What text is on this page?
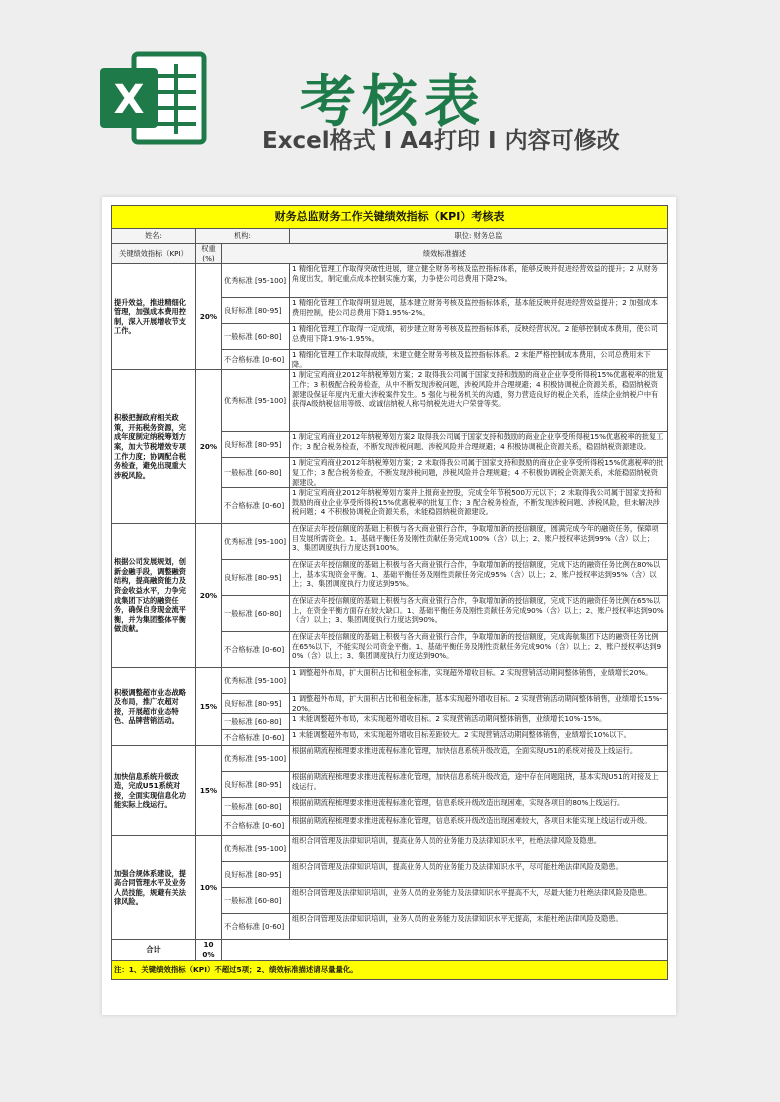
X	考核表
Excel格式 I A4打印 I 内容可修改
财务总监财务工作关键绩效指标（KPI）考核表			
姓名:	机构:		职位: 财务总监
关键绩效指标（KPI）	权重(%)	绩效标准描述	
提升效益，推进精细化管理，加强成本费用控制，深入开展增收节支工作。	20%	优秀标准 [95-100]	1 精细化管理工作取得突破性进展，建立健全财务考核及监控指标体系，能够反映并促进经营效益的提升；2 从财务角度出发，制定重点成本控制实施方案，力争使公司总费用下降2%。
		良好标准 [80-95]	1 精细化管理工作取得明显进展，基本建立财务考核及监控指标体系，基本能反映并促进经营效益提升；2 加强成本费用控制，使公司总费用下降1.95%-2%。
		一般标准 [60-80]	1 精细化管理工作取得一定成绩，初步建立财务考核及监控指标体系，反映经营状况。2 能够控制成本费用，使公司总费用下降1.9%-1.95%。
		不合格标准 [0-60]	1 精细化管理工作未取得成绩，未建立健全财务考核及监控指标体系。2 未能严格控制成本费用，公司总费用未下降。
积极把握政府相关政策，开拓税务资源，完成年度制定纳税筹划方案，加大节税增效专项工作力度；协调配合税务检查，避免出现重大涉税风险。	20%	优秀标准 [95-100]	1 制定宝鸡商业2012年纳税筹划方案；2 取得我公司属于国家支持和鼓励的商业企业享受所得税15%优惠税率的批复工作；3 积极配合税务检查，从中不断发现涉税问题，涉税风险并合理规避；4 积极协调税企资源关系，稳固纳税资源建设保证年度内无重大涉税案件发生。5 强化与税务机关的沟通，努力营造良好的税企关系，连续企业纳税户中有获得A级纳税信用等级、或诚信纳税人称号纳税先进大户荣誉等奖。
		良好标准 [80-95]	1 制定宝鸡商业2012年纳税筹划方案2 取得我公司属于国家支持和鼓励的商业企业享受所得税15%优惠税率的批复工作；3 配合税务检查，不断发现涉税问题、涉税风险并合理规避；4 积极协调税企资源关系，稳固纳税资源建设。
		一般标准 [60-80]	1 制定宝鸡商业2012年纳税筹划方案；2 未取得我公司属于国家支持和鼓励的商业企业享受所得税15%优惠税率的批复工作；3 配合税务检查，不断发现涉税问题，涉税风险并合理规避；4 不积极协调税企资源关系，未能稳固纳税资源建设。
		不合格标准 [0-60]	1 制定宝鸡商业2012年纳税筹划方案并上报商业控股，完成全年节税500万元以下；2 未取得我公司属于国家支持和鼓励的商业企业享受所得税15%优惠税率的批复工作；3 配合税务检查，不断发现涉税问题、涉税风险，但未解决涉税问题；4 不积极协调税企资源关系，未能稳固纳税资源建设。
根据公司发展规划，创新金融手段，调整融资结构，提高融资能力及资金收益水平，力争完成集团下达的融资任务，确保自身现金流平衡，并为集团整体平衡做贡献。	20%	优秀标准 [95-100]	在保证去年授信额度的基础上积极与各大商业银行合作，争取增加新的授信额度，圆满完成今年的融资任务，保障项目发展所需资金。1、基础平衡任务及刚性贡献任务完成100%（含）以上；2、账户授权率达到99%（含）以上；3、集团调度执行力度达到100%。
		良好标准 [80-95]	在保证去年授信额度的基础上积极与各大商业银行合作，争取增加新的授信额度，完成下达的融资任务比例在80%以上，基本实现资金平衡。1、基础平衡任务及刚性贡献任务完成95%（含）以上；2、账户授权率达到95%（含）以上；3、集团调度执行力度达到95%。
		一般标准 [60-80]	在保证去年授信额度的基础上积极与各大商业银行合作，争取增加新的授信额度，完成下达的融资任务比例在65%以上，在资金平衡方面存在较大缺口。1、基础平衡任务及刚性贡献任务完成90%（含）以上；2、账户授权率达到90%（含）以上；3、集团调度执行力度达到90%。
		不合格标准 [0-60]	在保证去年授信额度的基础上积极与各大商业银行合作，争取增加新的授信额度，完成海航集团下达的融资任务比例在65%以下，不能实现公司资金平衡。1、基础平衡任务及刚性贡献任务完成90%（含）以上；2、账户授权率达到90%（含）以上；3、集团调度执行力度达到90%。
积极调整超市业态战略及布局，推广农超对接，开展超市业态特色、品牌营销活动。	15%	优秀标准 [95-100]	1 调整超外布局，扩大面积占比和租金标准，实现超外增收目标。2 实现营销活动期间整体销售，业绩增长20%。
		良好标准 [80-95]	1 调整超外布局，扩大面积占比和租金标准，基本实现超外增收目标。2 实现营销活动期间整体销售，业绩增长15%-20%。
		一般标准 [60-80]	1 未能调整超外布局，未实现超外增收目标。2 实现营销活动期间整体销售，业绩增长10%-15%。
		不合格标准 [0-60]	1 未能调整超外布局，未实现超外增收目标差距较大。2 实现营销活动期间整体销售，业绩增长10%以下。
加快信息系统升级改造，完成U51系统对接，全面实现信息化功能实际上线运行。	15%	优秀标准 [95-100]	根据前期流程梳理要求推进流程标准化管理，加快信息系统升级改造，全面实现U51的系统对接及上线运行。
		良好标准 [80-95]	根据前期流程梳理要求推进流程标准化管理，加快信息系统升级改造，途中存在问题阻挠，基本实现U51的对接及上线运行。
		一般标准 [60-80]	根据前期流程梳理要求推进流程标准化管理，信息系统升级改造出现困难，实现各项目的80%上线运行。
		不合格标准 [0-60]	根据前期流程梳理要求推进流程标准化管理，信息系统升级改造出现困难较大，各项目未能实现上线运行或升级。
加强合规体系建设，提高合同管理水平及业务人员技能，规避有关法律风险。	10%	优秀标准 [95-100]	组织合同管理及法律知识培训，提高业务人员的业务能力及法律知识水平，杜绝法律风险及隐患。
		良好标准 [80-95]	组织合同管理及法律知识培训，提高业务人员的业务能力及法律知识水平，尽可能杜绝法律风险及隐患。
		一般标准 [60-80]	组织合同管理及法律知识培训，业务人员的业务能力及法律知识水平提高不大，尽最大能力杜绝法律风险及隐患。
		不合格标准 [0-60]	组织合同管理及法律知识培训，业务人员的业务能力及法律知识水平无提高，未能杜绝法律风险及隐患。
合计	100%		
注：1、关键绩效指标（KPI）不超过5项；2、绩效标准描述请尽量量化。			
